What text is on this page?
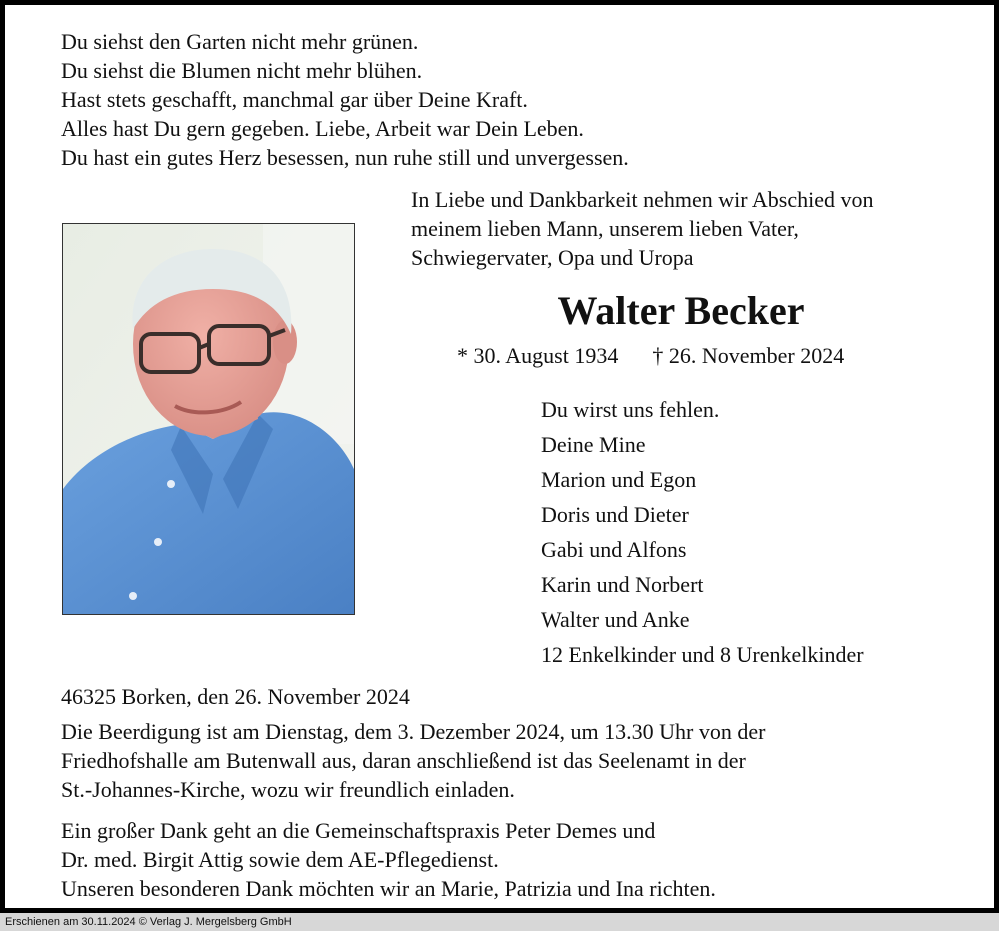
Du siehst den Garten nicht mehr grünen.
Du siehst die Blumen nicht mehr blühen.
Hast stets geschafft, manchmal gar über Deine Kraft.
Alles hast Du gern gegeben. Liebe, Arbeit war Dein Leben.
Du hast ein gutes Herz besessen, nun ruhe still und unvergessen.
In Liebe und Dankbarkeit nehmen wir Abschied von
meinem lieben Mann, unserem lieben Vater,
Schwiegervater, Opa und Uropa
Walter Becker
* 30. August 1934 † 26. November 2024
Du wirst uns fehlen.
Deine Mine
Marion und Egon
Doris und Dieter
Gabi und Alfons
Karin und Norbert
Walter und Anke
12 Enkelkinder und 8 Urenkelkinder
46325 Borken, den 26. November 2024
Die Beerdigung ist am Dienstag, dem 3. Dezember 2024, um 13.30 Uhr von der
Friedhofshalle am Butenwall aus, daran anschließend ist das Seelenamt in der
St.-Johannes-Kirche, wozu wir freundlich einladen.
Ein großer Dank geht an die Gemeinschaftspraxis Peter Demes und
Dr. med. Birgit Attig sowie dem AE-Pflegedienst.
Unseren besonderen Dank möchten wir an Marie, Patrizia und Ina richten.
Erschienen am 30.11.2024 © Verlag J. Mergelsberg GmbH
